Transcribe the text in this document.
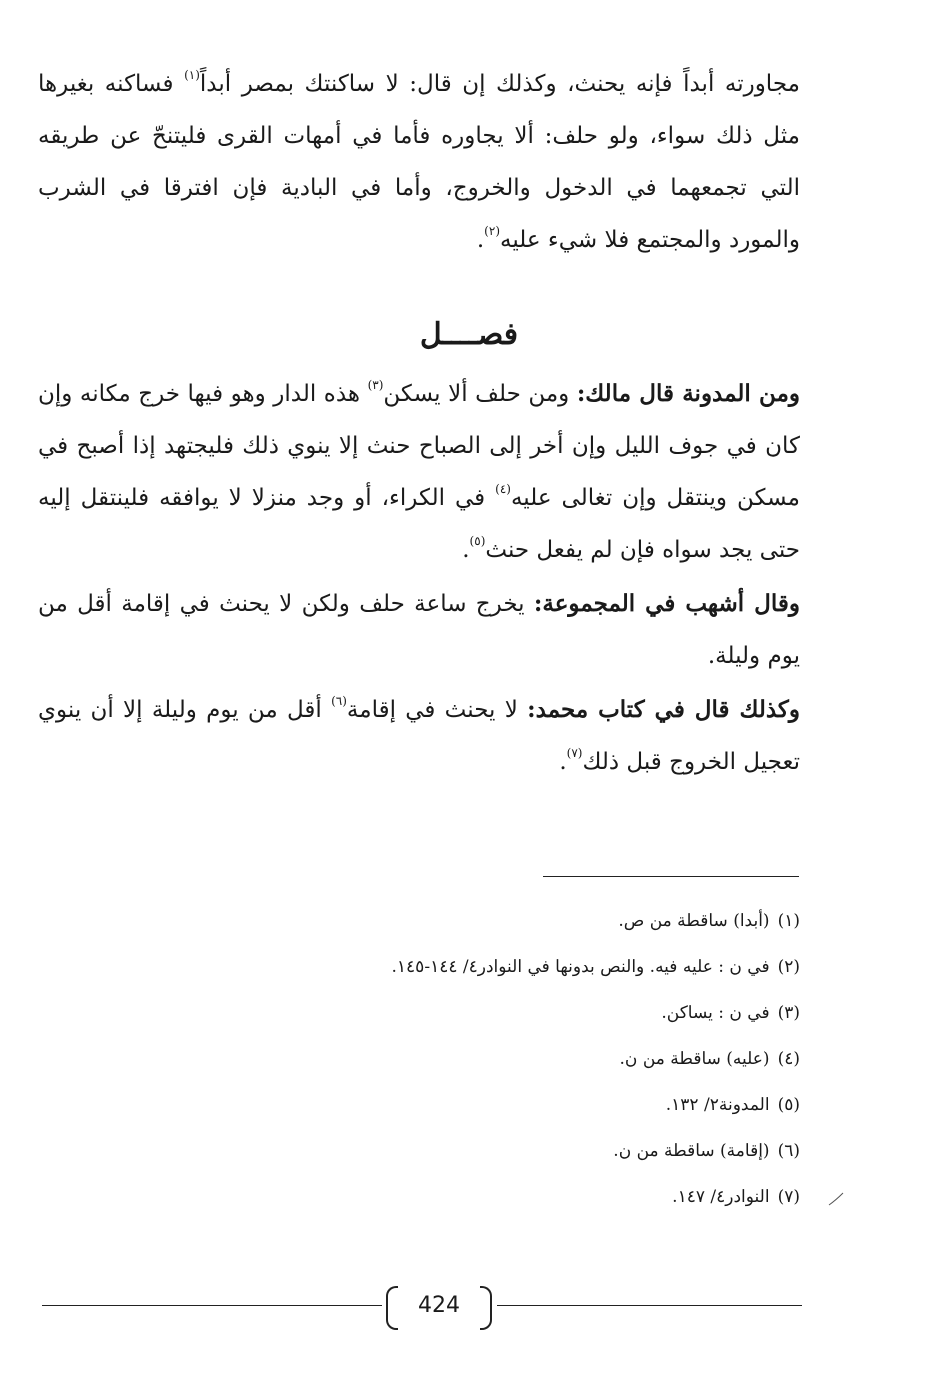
مجاورته أبداً فإنه يحنث، وكذلك إن قال: لا ساكنتك بمصر أبداً$^{(١)}$ فساكنه بغيرها مثل ذلك سواء، ولو حلف: ألا يجاوره فأما في أمهات القرى فليتنحّ عن طريقه التي تجمعهما في الدخول والخروج، وأما في البادية فإن افترقا في الشرب والمورد والمجتمع فلا شيء عليه$^{(٢)}$.

فصــــل

ومن المدونة قال مالك: ومن حلف ألا يسكن$^{(٣)}$ هذه الدار وهو فيها خرج مكانه وإن كان في جوف الليل وإن أخر إلى الصباح حنث إلا ينوي ذلك فليجتهد إذا أصبح في مسكن وينتقل وإن تغالى عليه$^{(٤)}$ في الكراء، أو وجد منزلا لا يوافقه فلينتقل إليه حتى يجد سواه فإن لم يفعل حنث$^{(٥)}$.

وقال أشهب في المجموعة: يخرج ساعة حلف ولكن لا يحنث في إقامة أقل من يوم وليلة.

وكذلك قال في كتاب محمد: لا يحنث في إقامة$^{(٦)}$ أقل من يوم وليلة إلا أن ينوي تعجيل الخروج قبل ذلك$^{(٧)}$.

(١)(أبدا) ساقطة من ص.
(٢)في ن : عليه فيه. والنص بدونها في النوادر٤/ ١٤٤-١٤٥.
(٣)في ن : يساكن.
(٤)(عليه) ساقطة من ن.
(٥)المدونة٢/ ١٣٢.
(٦)(إقامة) ساقطة من ن.
(٧)النوادر٤/ ١٤٧.
424
